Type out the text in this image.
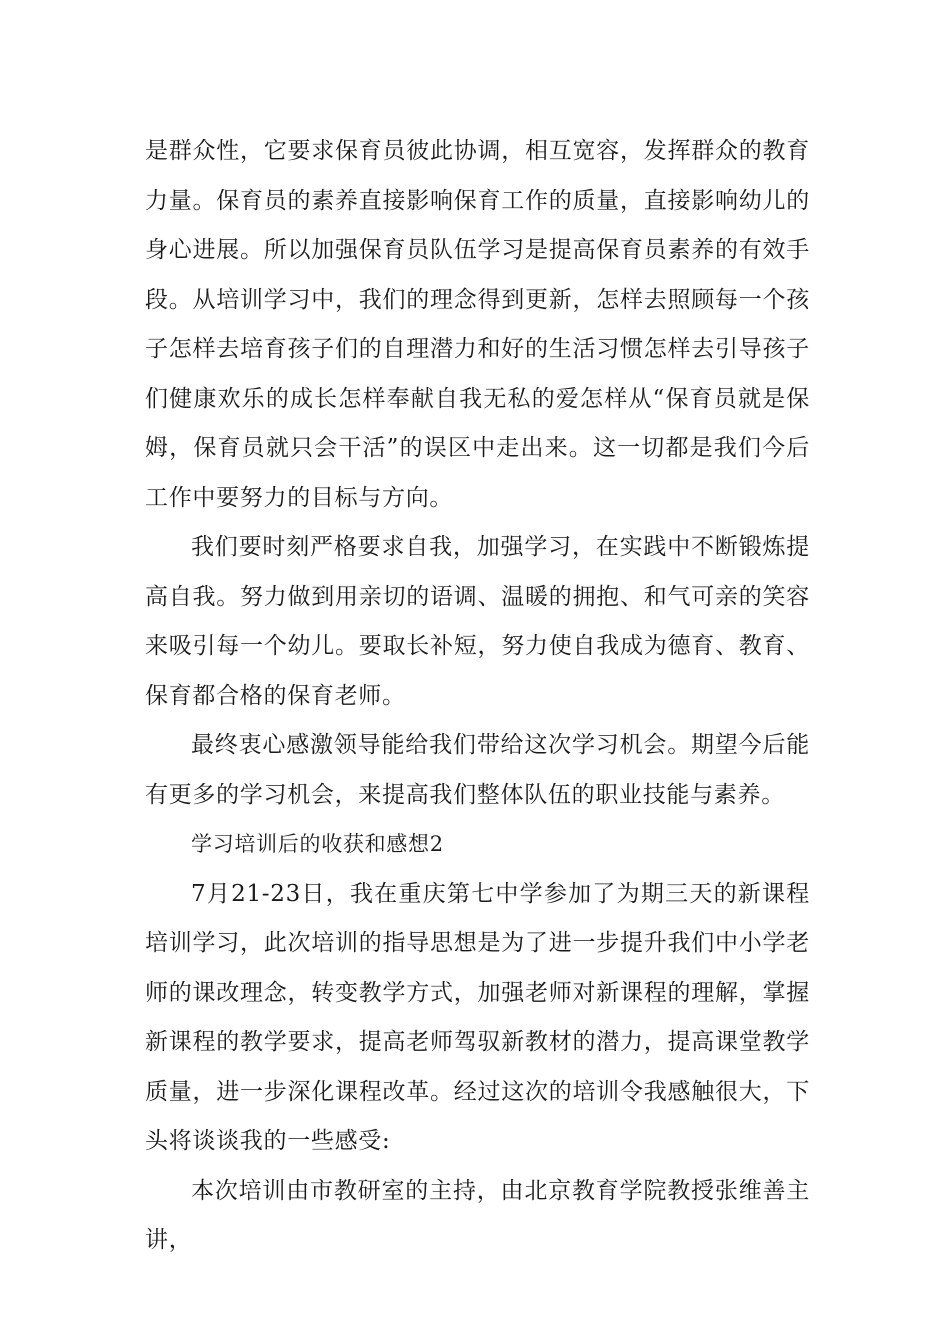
是群众性，它要求保育员彼此协调，相互宽容，发挥群众的教育力量。保育员的素养直接影响保育工作的质量，直接影响幼儿的身心进展。所以加强保育员队伍学习是提高保育员素养的有效手段。从培训学习中，我们的理念得到更新，怎样去照顾每一个孩子怎样去培育孩子们的自理潜力和好的生活习惯怎样去引导孩子们健康欢乐的成长怎样奉献自我无私的爱怎样从“保育员就是保姆，保育员就只会干活”的误区中走出来。这一切都是我们今后工作中要努力的目标与方向。

我们要时刻严格要求自我，加强学习，在实践中不断锻炼提高自我。努力做到用亲切的语调、温暖的拥抱、和气可亲的笑容来吸引每一个幼儿。要取长补短，努力使自我成为德育、教育、保育都合格的保育老师。

最终衷心感激领导能给我们带给这次学习机会。期望今后能有更多的学习机会，来提高我们整体队伍的职业技能与素养。

学习培训后的收获和感想2

7月21-23日，我在重庆第七中学参加了为期三天的新课程培训学习，此次培训的指导思想是为了进一步提升我们中小学老师的课改理念，转变教学方式，加强老师对新课程的理解，掌握新课程的教学要求，提高老师驾驭新教材的潜力，提高课堂教学质量，进一步深化课程改革。经过这次的培训令我感触很大，下头将谈谈我的一些感受:

本次培训由市教研室的主持，由北京教育学院教授张维善主讲，
